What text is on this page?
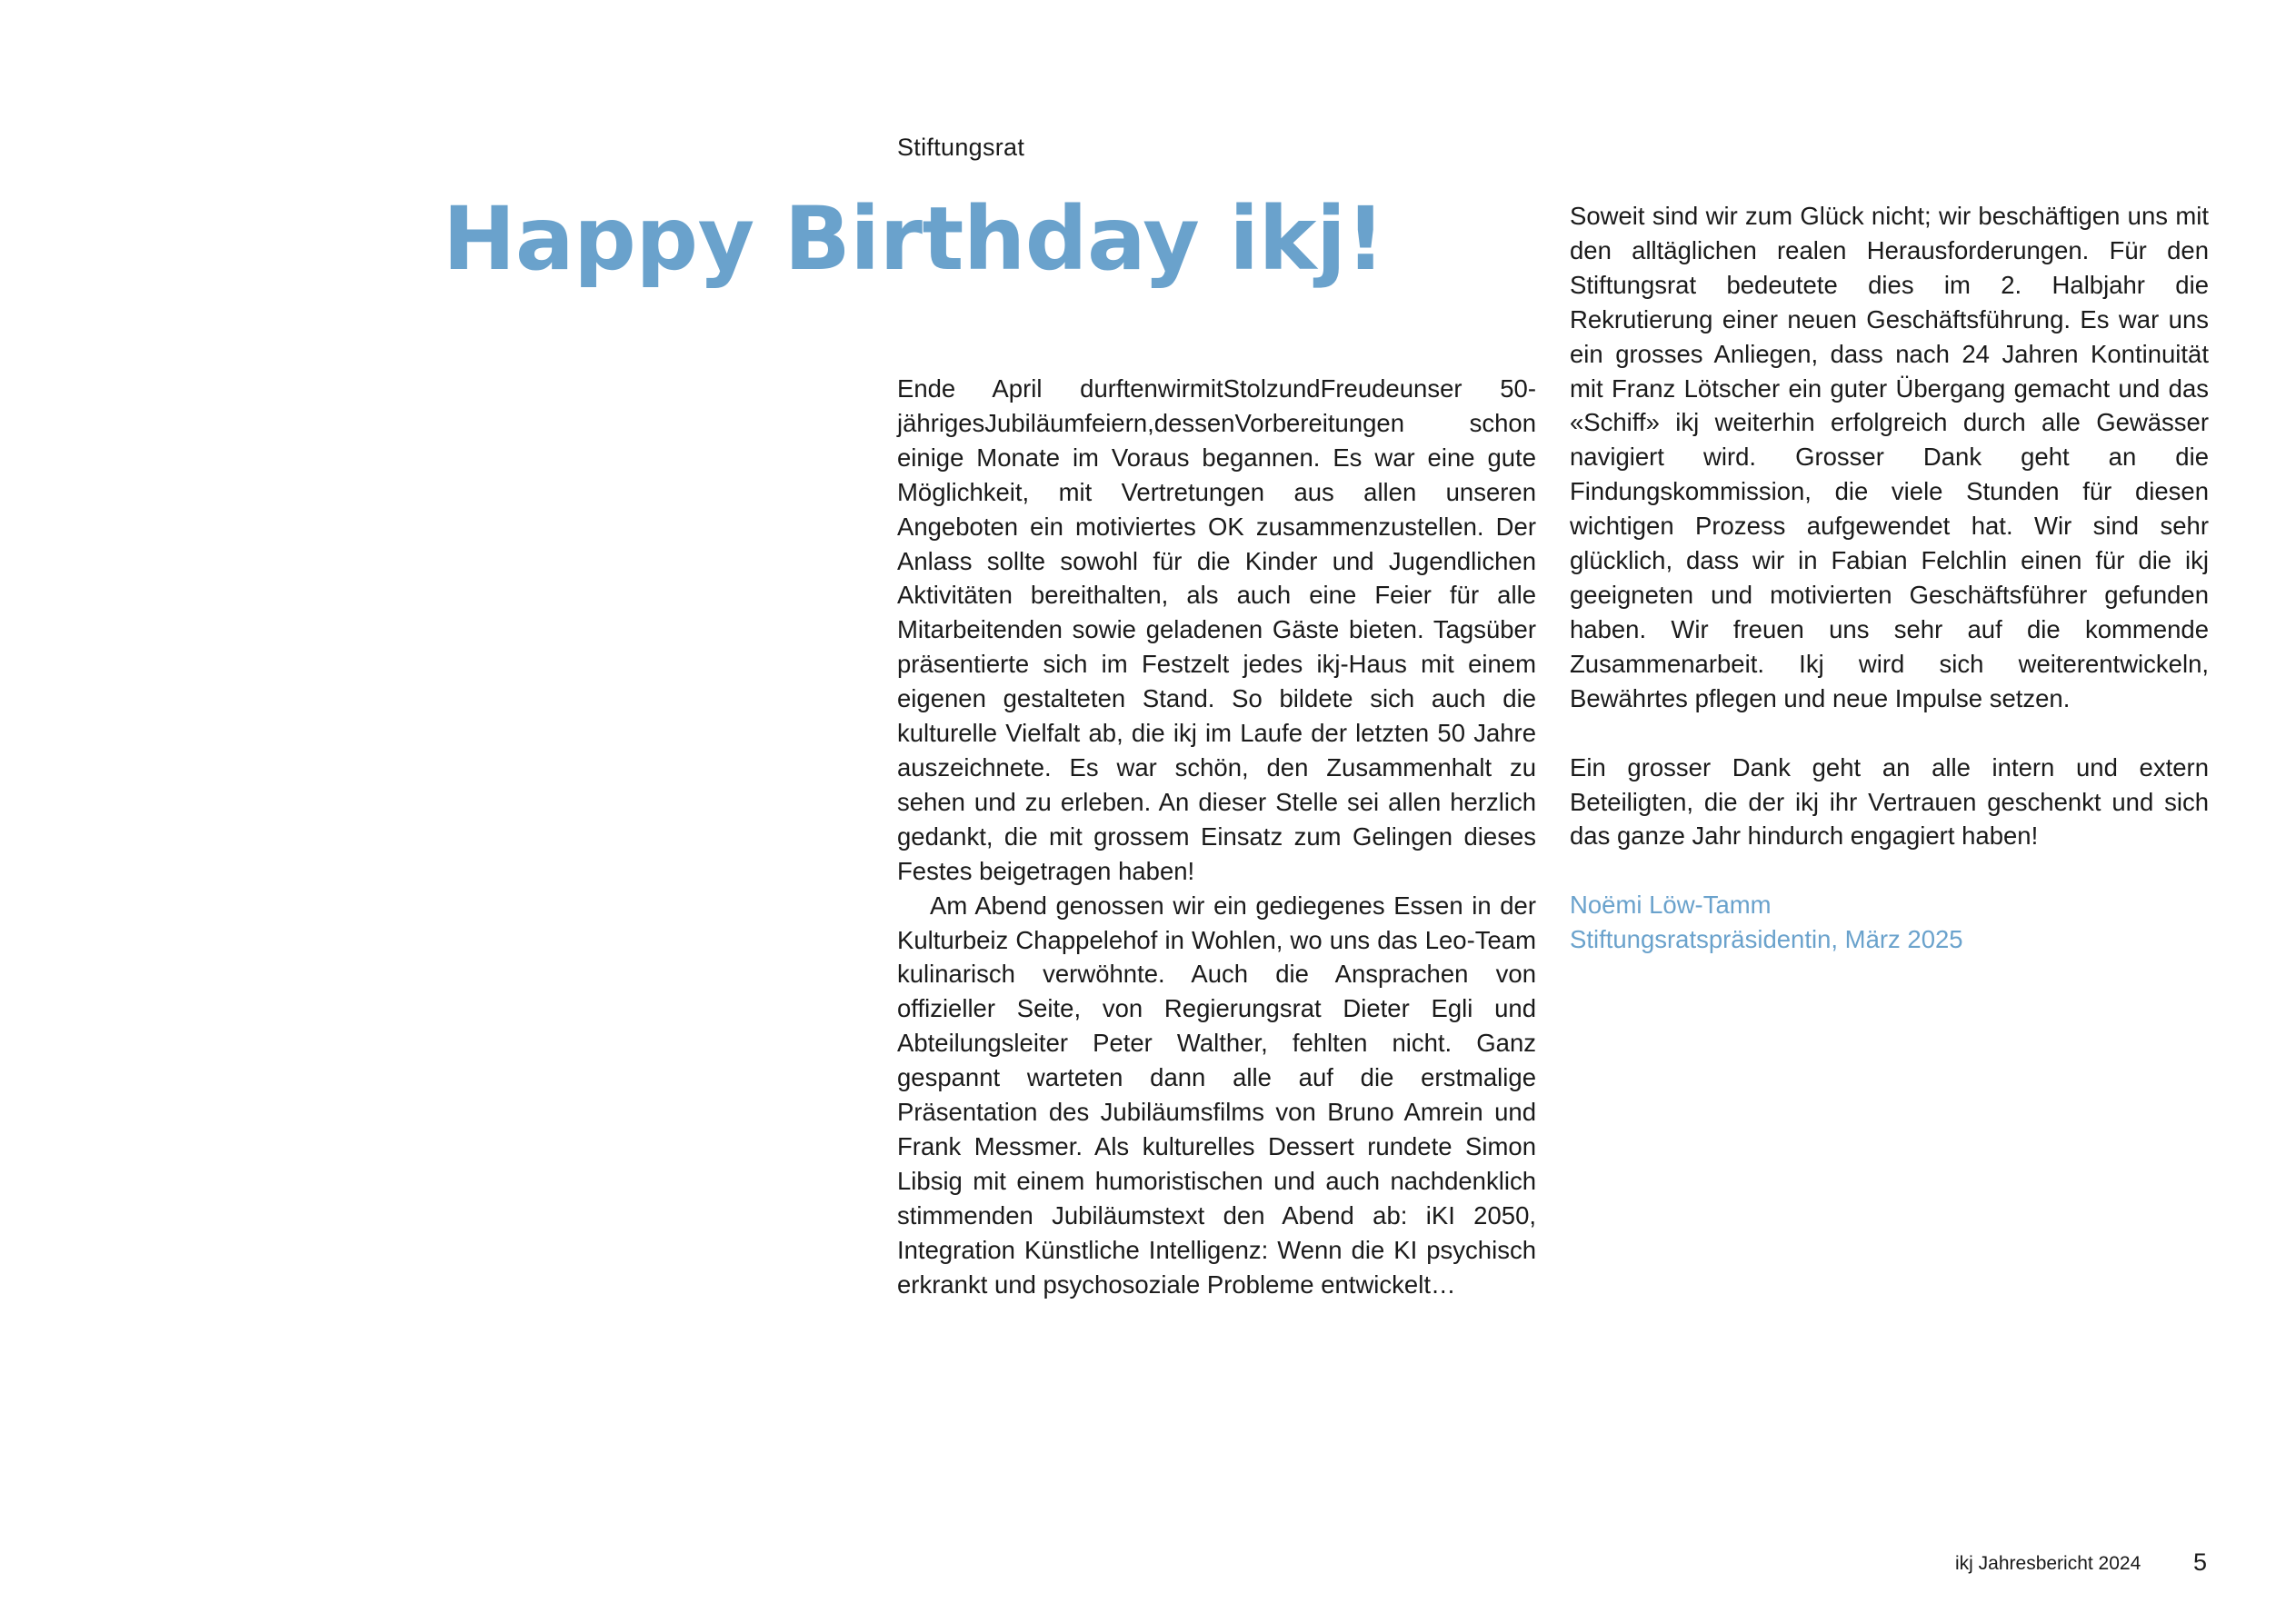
Stiftungsrat
Happy Birthday ikj!

Ende April durftenwirmitStolzundFreudeunser 50-jährigesJubiläumfeiern,dessenVorbereitungen schon einige Monate im Voraus begannen. Es war eine gute Möglichkeit, mit Vertretungen aus allen unseren Angeboten ein motiviertes OK zusammenzustellen. Der Anlass sollte sowohl für die Kinder und Jugendlichen Aktivitäten bereithalten, als auch eine Feier für alle Mitarbeitenden sowie geladenen Gäste bieten. Tagsüber präsentierte sich im Festzelt jedes ikj-Haus mit einem eigenen gestalteten Stand. So bildete sich auch die kulturelle Vielfalt ab, die ikj im Laufe der letzten 50 Jahre auszeichnete. Es war schön, den Zusammenhalt zu sehen und zu erleben. An dieser Stelle sei allen herzlich gedankt, die mit grossem Einsatz zum Gelingen dieses Festes beigetragen haben!

Am Abend genossen wir ein gediegenes Essen in der Kulturbeiz Chappelehof in Wohlen, wo uns das Leo-Team kulinarisch verwöhnte. Auch die Ansprachen von offizieller Seite, von Regierungsrat Dieter Egli und Abteilungsleiter Peter Walther, fehlten nicht. Ganz gespannt warteten dann alle auf die erstmalige Präsentation des Jubiläumsfilms von Bruno Amrein und Frank Messmer. Als kulturelles Dessert rundete Simon Libsig mit einem humoristischen und auch nachdenklich stimmenden Jubiläumstext den Abend ab: iKI 2050, Integration Künstliche Intelligenz: Wenn die KI psychisch erkrankt und psychosoziale Probleme entwickelt…

Soweit sind wir zum Glück nicht; wir beschäftigen uns mit den alltäglichen realen Herausforderungen. Für den Stiftungsrat bedeutete dies im 2. Halbjahr die Rekrutierung einer neuen Geschäftsführung. Es war uns ein grosses Anliegen, dass nach 24 Jahren Kontinuität mit Franz Lötscher ein guter Übergang gemacht und das «Schiff» ikj weiterhin erfolgreich durch alle Gewässer navigiert wird. Grosser Dank geht an die Findungskommission, die viele Stunden für diesen wichtigen Prozess aufgewendet hat. Wir sind sehr glücklich, dass wir in Fabian Felchlin einen für die ikj geeigneten und motivierten Geschäftsführer gefunden haben. Wir freuen uns sehr auf die kommende Zusammenarbeit. Ikj wird sich weiterentwickeln, Bewährtes pflegen und neue Impulse setzen.

Ein grosser Dank geht an alle intern und extern Beteiligten, die der ikj ihr Vertrauen geschenkt und sich das ganze Jahr hindurch engagiert haben!

Noëmi Löw-Tamm
Stiftungsratspräsidentin, März 2025

ikj Jahresbericht 2024 5
